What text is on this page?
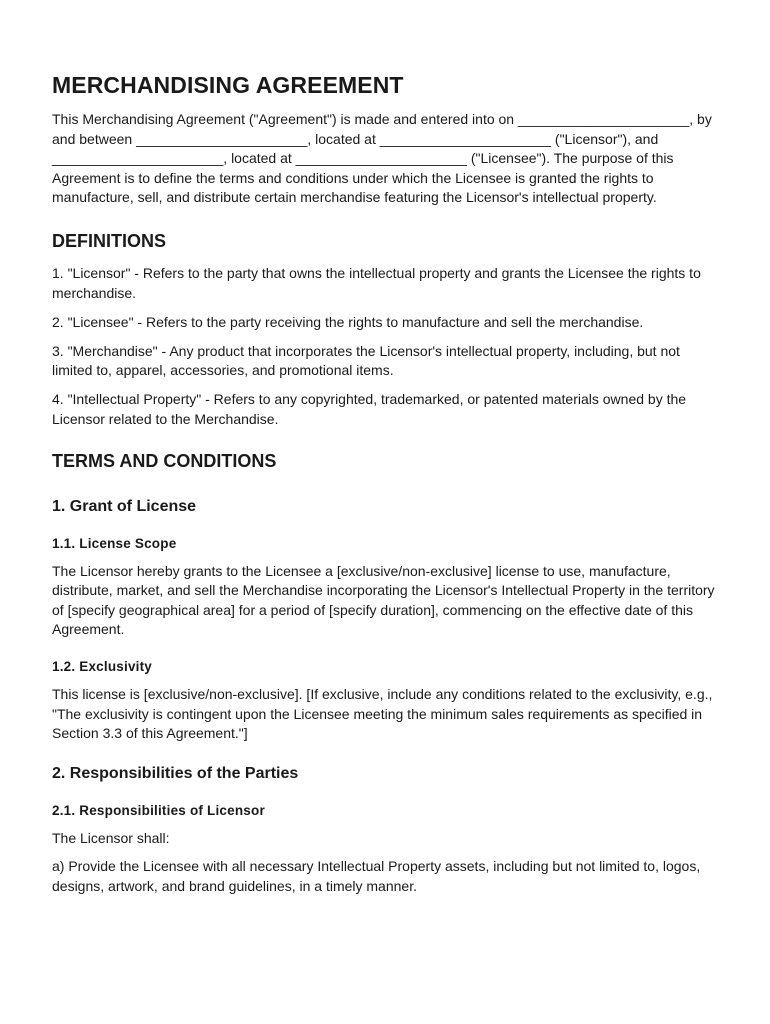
MERCHANDISING AGREEMENT

This Merchandising Agreement ("Agreement") is made and entered into on ______________________, by and between ______________________, located at ______________________ ("Licensor"), and ______________________, located at ______________________ ("Licensee"). The purpose of this Agreement is to define the terms and conditions under which the Licensee is granted the rights to manufacture, sell, and distribute certain merchandise featuring the Licensor's intellectual property.

DEFINITIONS

1. "Licensor" - Refers to the party that owns the intellectual property and grants the Licensee the rights to merchandise.

2. "Licensee" - Refers to the party receiving the rights to manufacture and sell the merchandise.

3. "Merchandise" - Any product that incorporates the Licensor's intellectual property, including, but not limited to, apparel, accessories, and promotional items.

4. "Intellectual Property" - Refers to any copyrighted, trademarked, or patented materials owned by the Licensor related to the Merchandise.

TERMS AND CONDITIONS
1. Grant of License
1.1. License Scope

The Licensor hereby grants to the Licensee a [exclusive/non-exclusive] license to use, manufacture, distribute, market, and sell the Merchandise incorporating the Licensor's Intellectual Property in the territory of [specify geographical area] for a period of [specify duration], commencing on the effective date of this Agreement.

1.2. Exclusivity

This license is [exclusive/non-exclusive]. [If exclusive, include any conditions related to the exclusivity, e.g., "The exclusivity is contingent upon the Licensee meeting the minimum sales requirements as specified in Section 3.3 of this Agreement."]

2. Responsibilities of the Parties
2.1. Responsibilities of Licensor

The Licensor shall:

a) Provide the Licensee with all necessary Intellectual Property assets, including but not limited to, logos, designs, artwork, and brand guidelines, in a timely manner.
